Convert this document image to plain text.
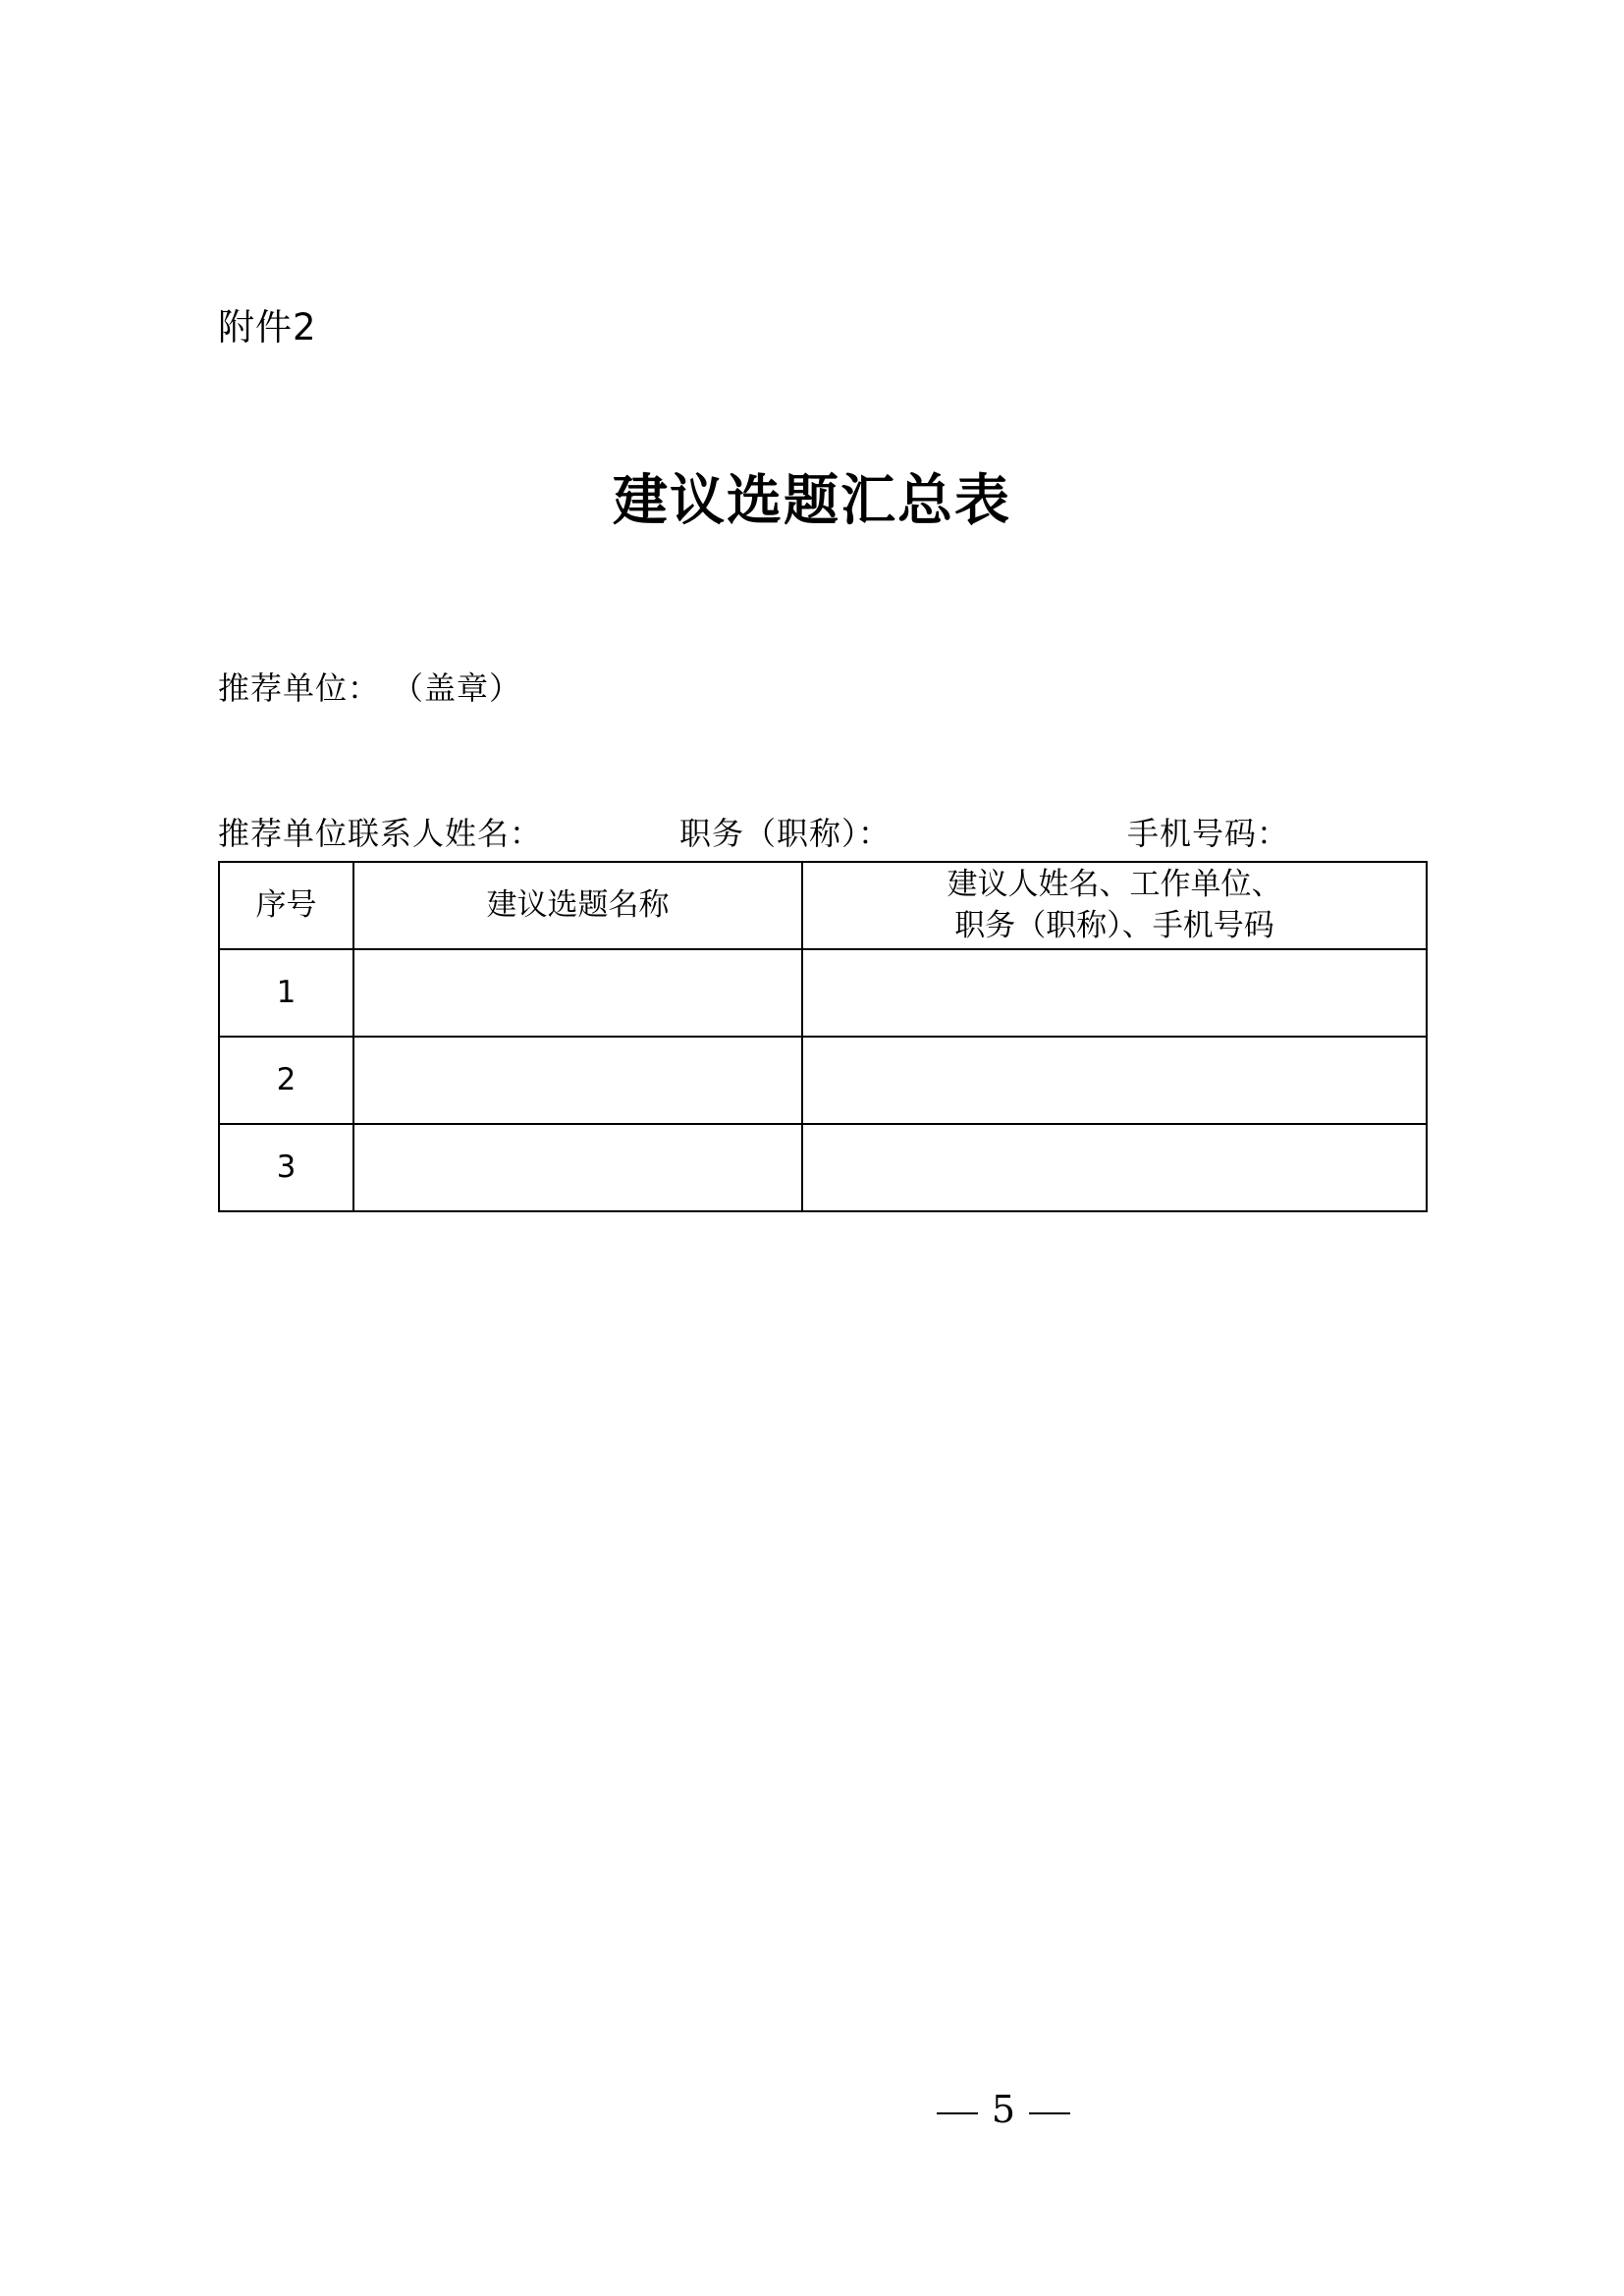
附件2
建议选题汇总表
推荐单位： （盖章）
推荐单位联系人姓名：	职务（职称）：	手机号码：
序号	建议选题名称	建议人姓名、工作单位、
职务（职称）、手机号码

1		
2		
3		
5
